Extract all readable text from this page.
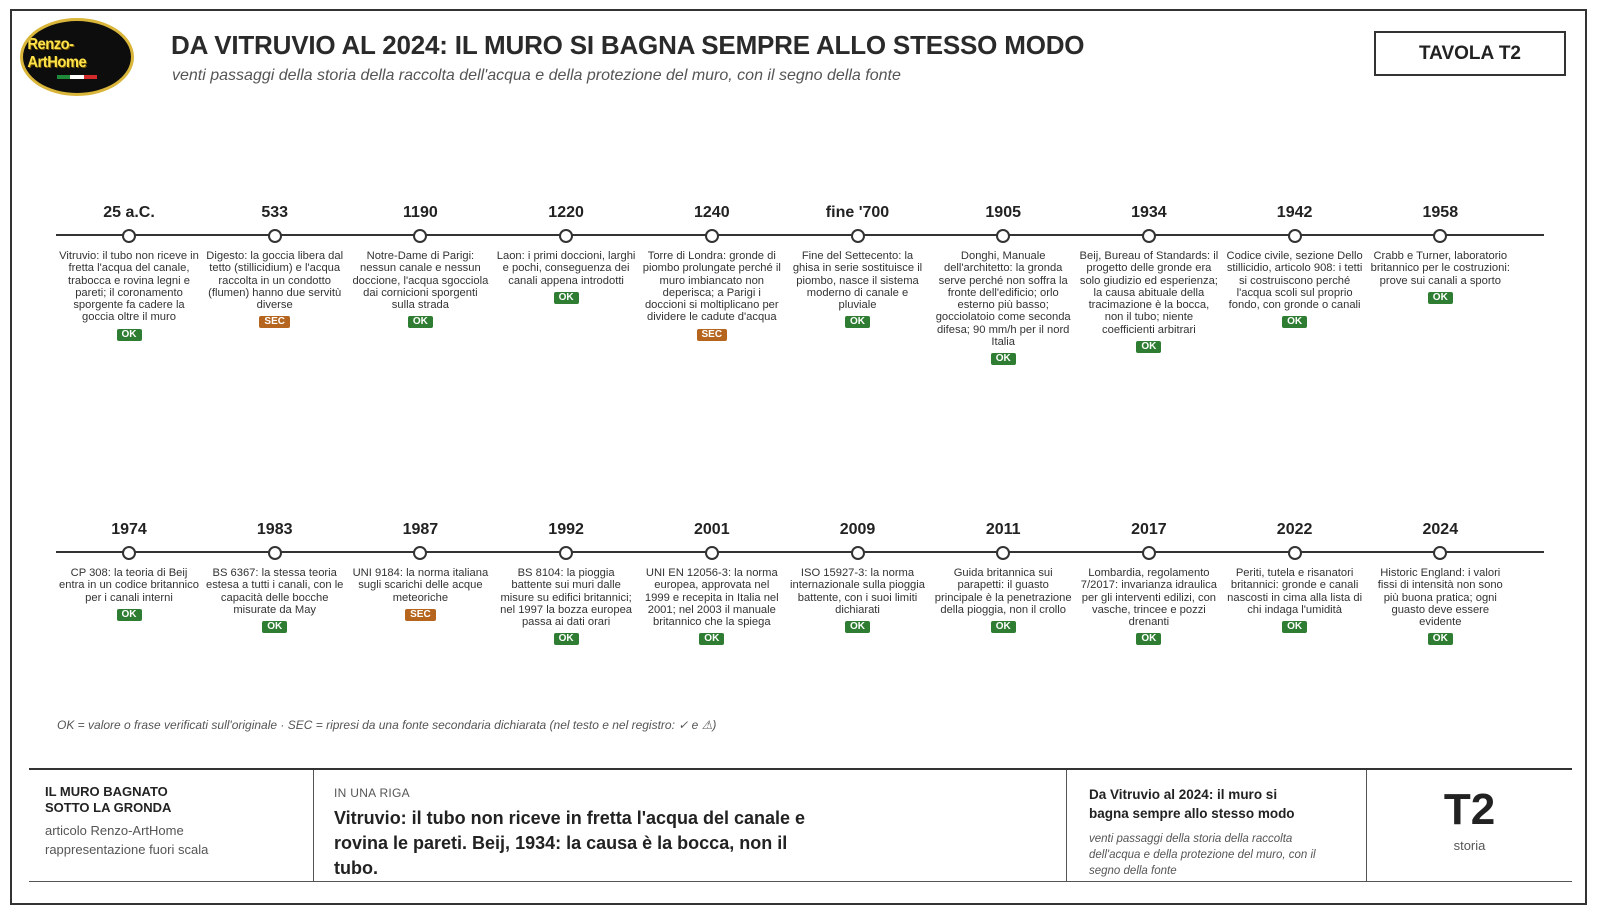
Renzo-ArtHome
DA VITRUVIO AL 2024: IL MURO SI BAGNA SEMPRE ALLO STESSO MODO
venti passaggi della storia della raccolta dell'acqua e della protezione del muro, con il segno della fonte
TAVOLA T2
25 a.C.
Vitruvio: il tubo non riceve in fretta l'acqua del canale, trabocca e rovina legni e pareti; il coronamento sporgente fa cadere la goccia oltre il muro
OK
533
Digesto: la goccia libera dal tetto (stillicidium) e l'acqua raccolta in un condotto (flumen) hanno due servitù diverse
SEC
1190
Notre-Dame di Parigi: nessun canale e nessun doccione, l'acqua sgocciola dai cornicioni sporgenti sulla strada
OK
1220
Laon: i primi doccioni, larghi e pochi, conseguenza dei canali appena introdotti
OK
1240
Torre di Londra: gronde di piombo prolungate perché il muro imbiancato non deperisca; a Parigi i doccioni si moltiplicano per dividere le cadute d'acqua
SEC
fine '700
Fine del Settecento: la ghisa in serie sostituisce il piombo, nasce il sistema moderno di canale e pluviale
OK
1905
Donghi, Manuale dell'architetto: la gronda serve perché non soffra la fronte dell'edificio; orlo esterno più basso; gocciolatoio come seconda difesa; 90 mm/h per il nord Italia
OK
1934
Beij, Bureau of Standards: il progetto delle gronde era solo giudizio ed esperienza; la causa abituale della tracimazione è la bocca, non il tubo; niente coefficienti arbitrari
OK
1942
Codice civile, sezione Dello stillicidio, articolo 908: i tetti si costruiscono perché l'acqua scoli sul proprio fondo, con gronde o canali
OK
1958
Crabb e Turner, laboratorio britannico per le costruzioni: prove sui canali a sporto
OK
1974
CP 308: la teoria di Beij entra in un codice britannico per i canali interni
OK
1983
BS 6367: la stessa teoria estesa a tutti i canali, con le capacità delle bocche misurate da May
OK
1987
UNI 9184: la norma italiana sugli scarichi delle acque meteoriche
SEC
1992
BS 8104: la pioggia battente sui muri dalle misure su edifici britannici; nel 1997 la bozza europea passa ai dati orari
OK
2001
UNI EN 12056-3: la norma europea, approvata nel 1999 e recepita in Italia nel 2001; nel 2003 il manuale britannico che la spiega
OK
2009
ISO 15927-3: la norma internazionale sulla pioggia battente, con i suoi limiti dichiarati
OK
2011
Guida britannica sui parapetti: il guasto principale è la penetrazione della pioggia, non il crollo
OK
2017
Lombardia, regolamento 7/2017: invarianza idraulica per gli interventi edilizi, con vasche, trincee e pozzi drenanti
OK
2022
Periti, tutela e risanatori britannici: gronde e canali nascosti in cima alla lista di chi indaga l'umidità
OK
2024
Historic England: i valori fissi di intensità non sono più buona pratica; ogni guasto deve essere evidente
OK
OK = valore o frase verificati sull'originale · SEC = ripresi da una fonte secondaria dichiarata (nel testo e nel registro: ✓ e ⚠)
IL MURO BAGNATO SOTTO LA GRONDA
articolo Renzo-ArtHome
rappresentazione fuori scala
IN UNA RIGA
Vitruvio: il tubo non riceve in fretta l'acqua del canale e rovina le pareti. Beij, 1934: la causa è la bocca, non il tubo.
Da Vitruvio al 2024: il muro si bagna sempre allo stesso modo
venti passaggi della storia della raccolta dell'acqua e della protezione del muro, con il segno della fonte
T2
storia
